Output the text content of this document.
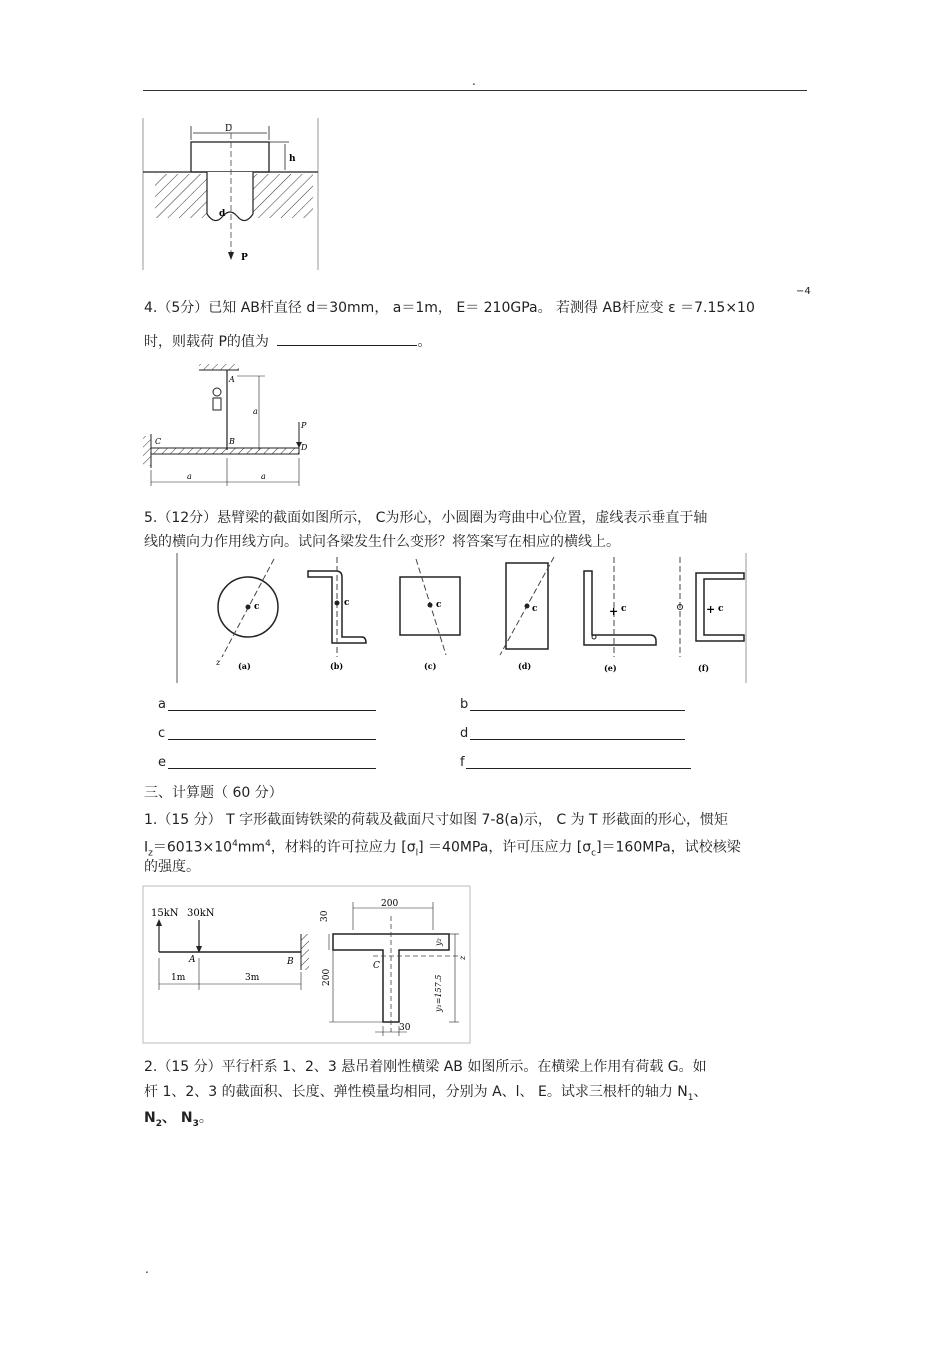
.
D
h
d
P
4.（5分）已知 AB杆直径 d＝30mm， a＝1m， E＝ 210GPa。 若测得 AB杆应变 ε ＝7.15×10
−4
时，则载荷 P的值为	。
A
a
C	B
P
D
a	a
5.（12分）悬臂梁的截面如图所示， C为形心，小圆圈为弯曲中心位置，虚线表示垂直于轴
线的横向力作用线方向。试问各梁发生什么变形？将答案写在相应的横线上。
c
z (a)
c
(b)
c
(c)
c
(d)
+ c
(e)
+ c
(f)
a	b
c	d
e	f
三、计算题（ 60 分）
1.（15 分） T 字形截面铸铁梁的荷载及截面尺寸如图 7-8(a)示， C 为 T 形截面的形心，惯矩
$I_z=6013\times 10^4mm^4$，材料的许可拉应力 $[\sigma_l] =40MPa$，许可压应力 $[\sigma_c]=160MPa$，试校核梁
的强度。
15kN 30kN
A	B
1m	3m
200
30
200
C
y₂
z
y₁=157.5
30
2.（15 分）平行杆系 1、2、3 悬吊着刚性横梁 AB 如图所示。在横梁上作用有荷载 G。如
杆 1、2、3 的截面积、长度、弹性模量均相同，分别为 A、l、 E。试求三根杆的轴力 $N_1$、
$N_2$、 $N_3$。
.
